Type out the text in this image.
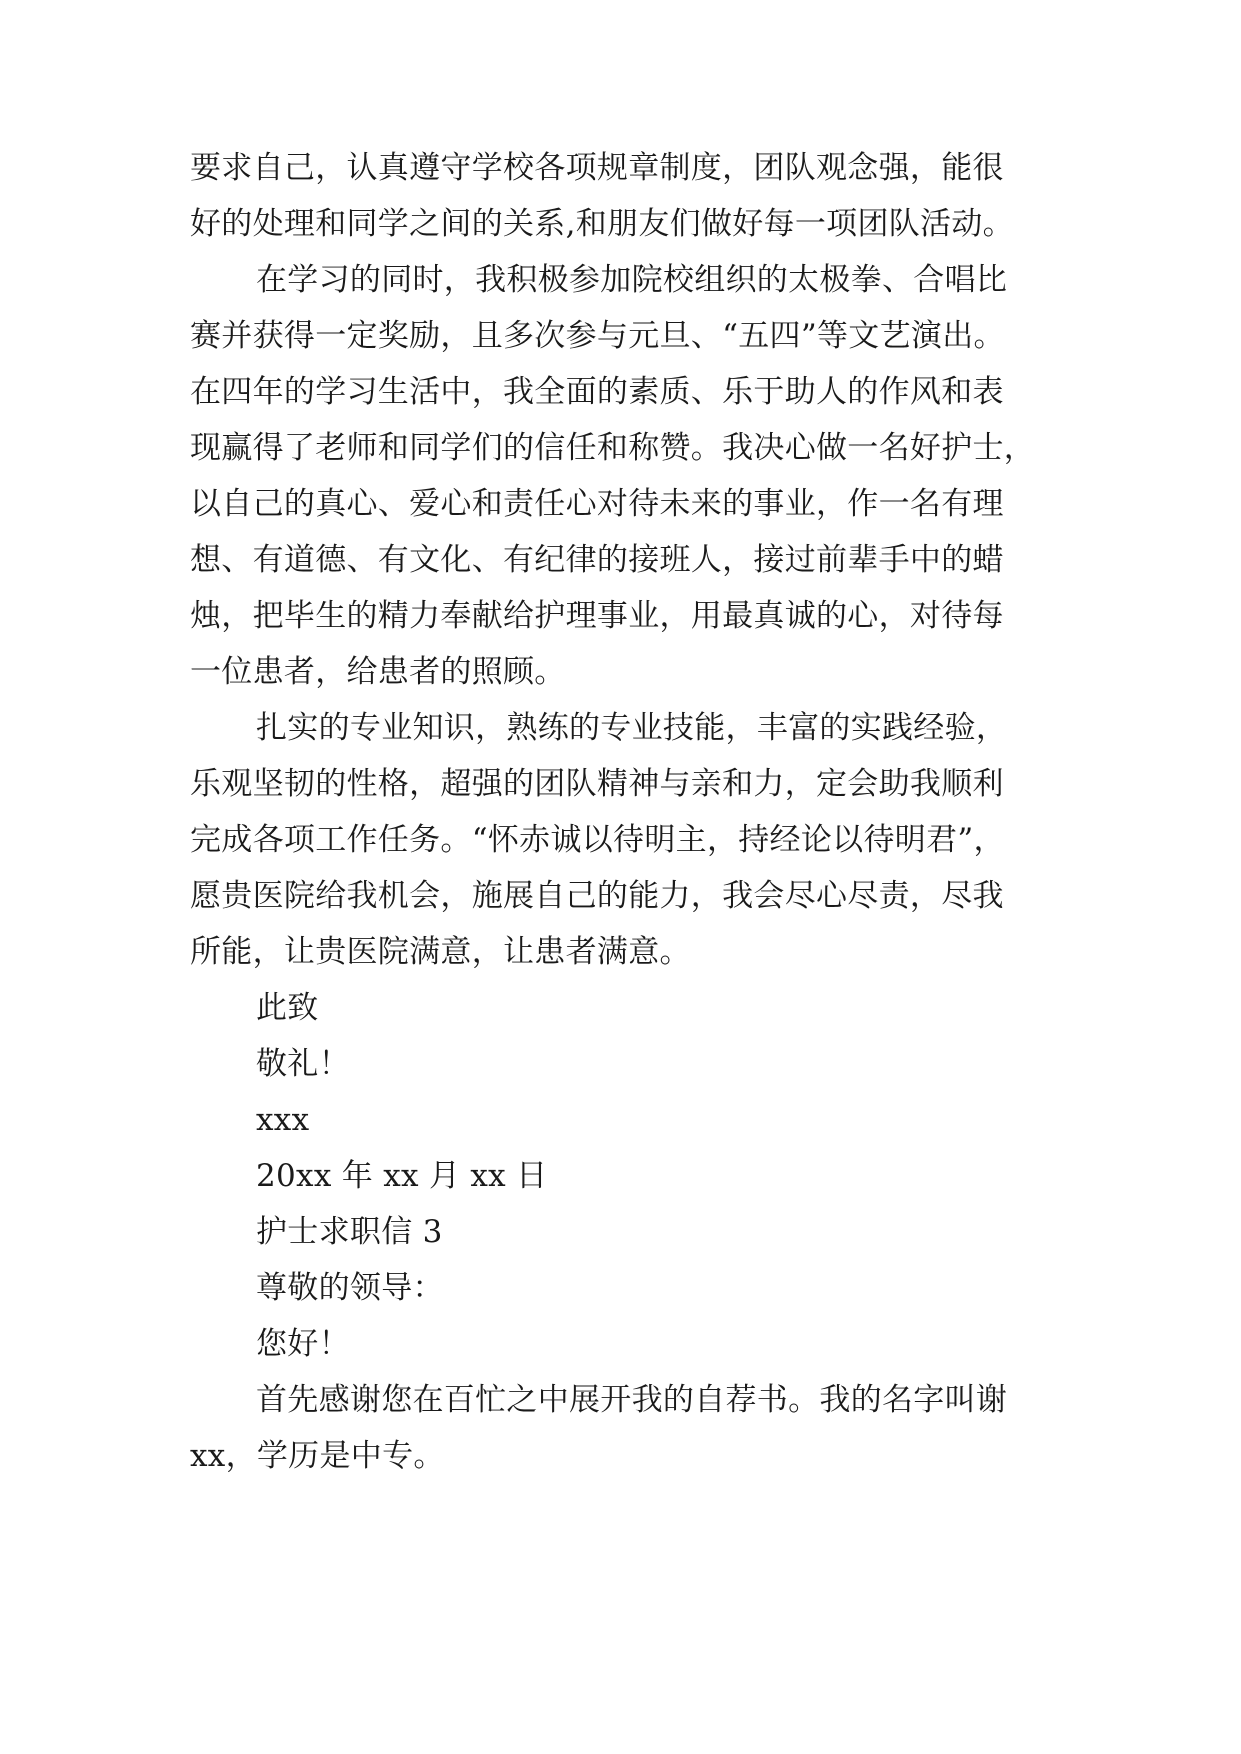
要求自己，认真遵守学校各项规章制度，团队观念强，能很
好的处理和同学之间的关系,和朋友们做好每一项团队活动。
在学习的同时，我积极参加院校组织的太极拳、合唱比
赛并获得一定奖励，且多次参与元旦、“五四”等文艺演出。
在四年的学习生活中，我全面的素质、乐于助人的作风和表
现赢得了老师和同学们的信任和称赞。我决心做一名好护士，
以自己的真心、爱心和责任心对待未来的事业，作一名有理
想、有道德、有文化、有纪律的接班人，接过前辈手中的蜡
烛，把毕生的精力奉献给护理事业，用最真诚的心，对待每
一位患者，给患者的照顾。
扎实的专业知识，熟练的专业技能，丰富的实践经验，
乐观坚韧的性格，超强的团队精神与亲和力，定会助我顺利
完成各项工作任务。“怀赤诚以待明主，持经论以待明君”，
愿贵医院给我机会，施展自己的能力，我会尽心尽责，尽我
所能，让贵医院满意，让患者满意。
此致
敬礼！
xxx
20xx 年 xx 月 xx 日
护士求职信 3
尊敬的领导：
您好！
首先感谢您在百忙之中展开我的自荐书。我的名字叫谢
xx，学历是中专。
